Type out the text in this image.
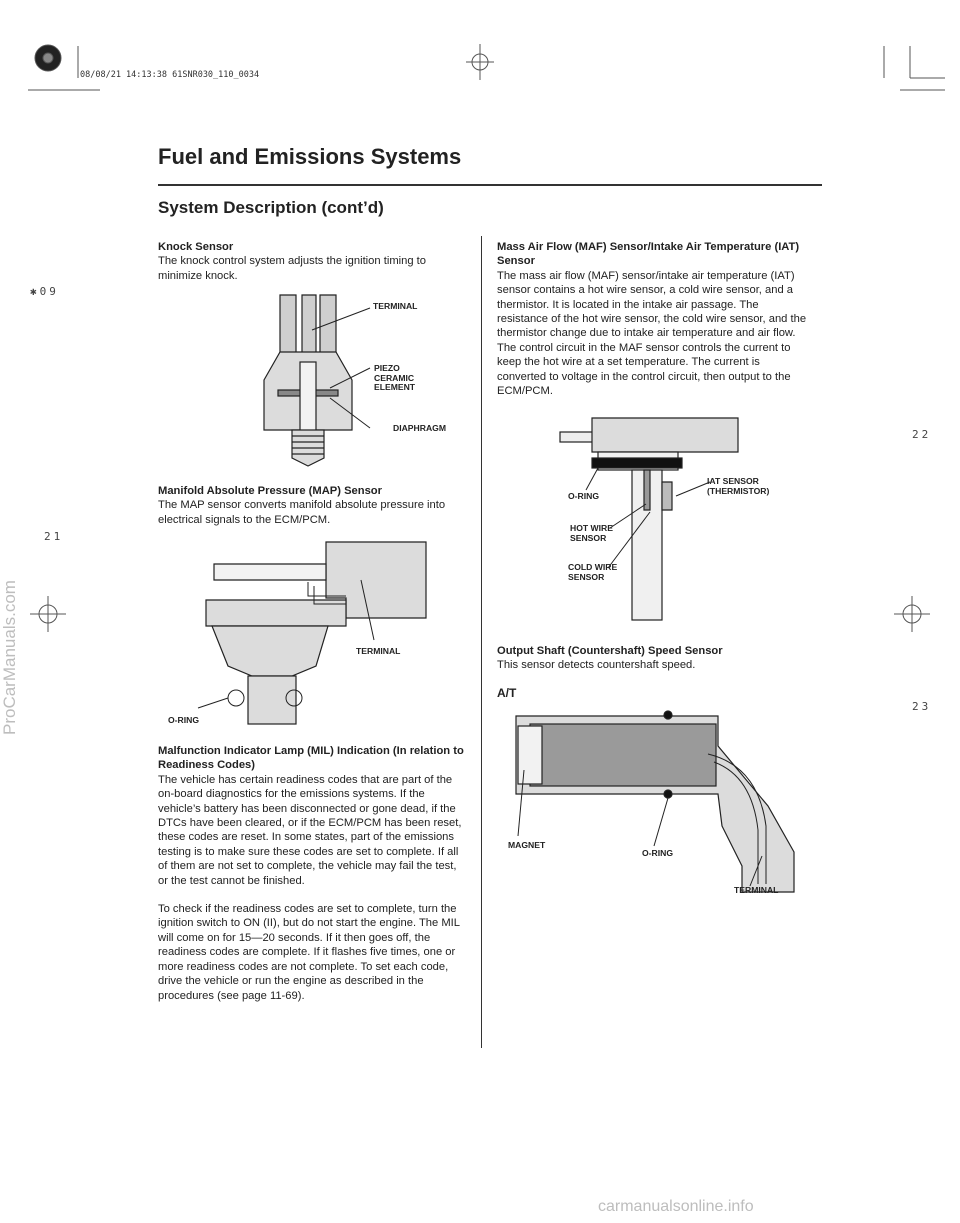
08/08/21 14:13:38 61SNR030_110_0034
✱09
21
22
23
ProCarManuals.com
carmanualsonline.info
Fuel and Emissions Systems
System Description (cont’d)
Knock Sensor

The knock control system adjusts the ignition timing to minimize knock.

TERMINAL
PIEZO
CERAMIC
ELEMENT
DIAPHRAGM
Manifold Absolute Pressure (MAP) Sensor

The MAP sensor converts manifold absolute pressure into electrical signals to the ECM/PCM.

TERMINAL
O-RING
Malfunction Indicator Lamp (MIL) Indication (In relation to Readiness Codes)

The vehicle has certain readiness codes that are part of the on-board diagnostics for the emissions systems. If the vehicle’s battery has been disconnected or gone dead, if the DTCs have been cleared, or if the ECM/PCM has been reset, these codes are reset. In some states, part of the emissions testing is to make sure these codes are set to complete. If all of them are not set to complete, the vehicle may fail the test, or the test cannot be finished.

To check if the readiness codes are set to complete, turn the ignition switch to ON (II), but do not start the engine. The MIL will come on for 15—20 seconds. If it then goes off, the readiness codes are complete. If it flashes five times, one or more readiness codes are not complete. To set each code, drive the vehicle or run the engine as described in the procedures (see page 11-69).

Mass Air Flow (MAF) Sensor/Intake Air Temperature (IAT) Sensor

The mass air flow (MAF) sensor/intake air temperature (IAT) sensor contains a hot wire sensor, a cold wire sensor, and a thermistor. It is located in the intake air passage. The resistance of the hot wire sensor, the cold wire sensor, and the thermistor change due to intake air temperature and air flow. The control circuit in the MAF sensor controls the current to keep the hot wire at a set temperature. The current is converted to voltage in the control circuit, then output to the ECM/PCM.

O-RING
IAT SENSOR
(THERMISTOR)
HOT WIRE
SENSOR
COLD WIRE
SENSOR
Output Shaft (Countershaft) Speed Sensor

This sensor detects countershaft speed.

A/T
MAGNET
O-RING
TERMINAL
